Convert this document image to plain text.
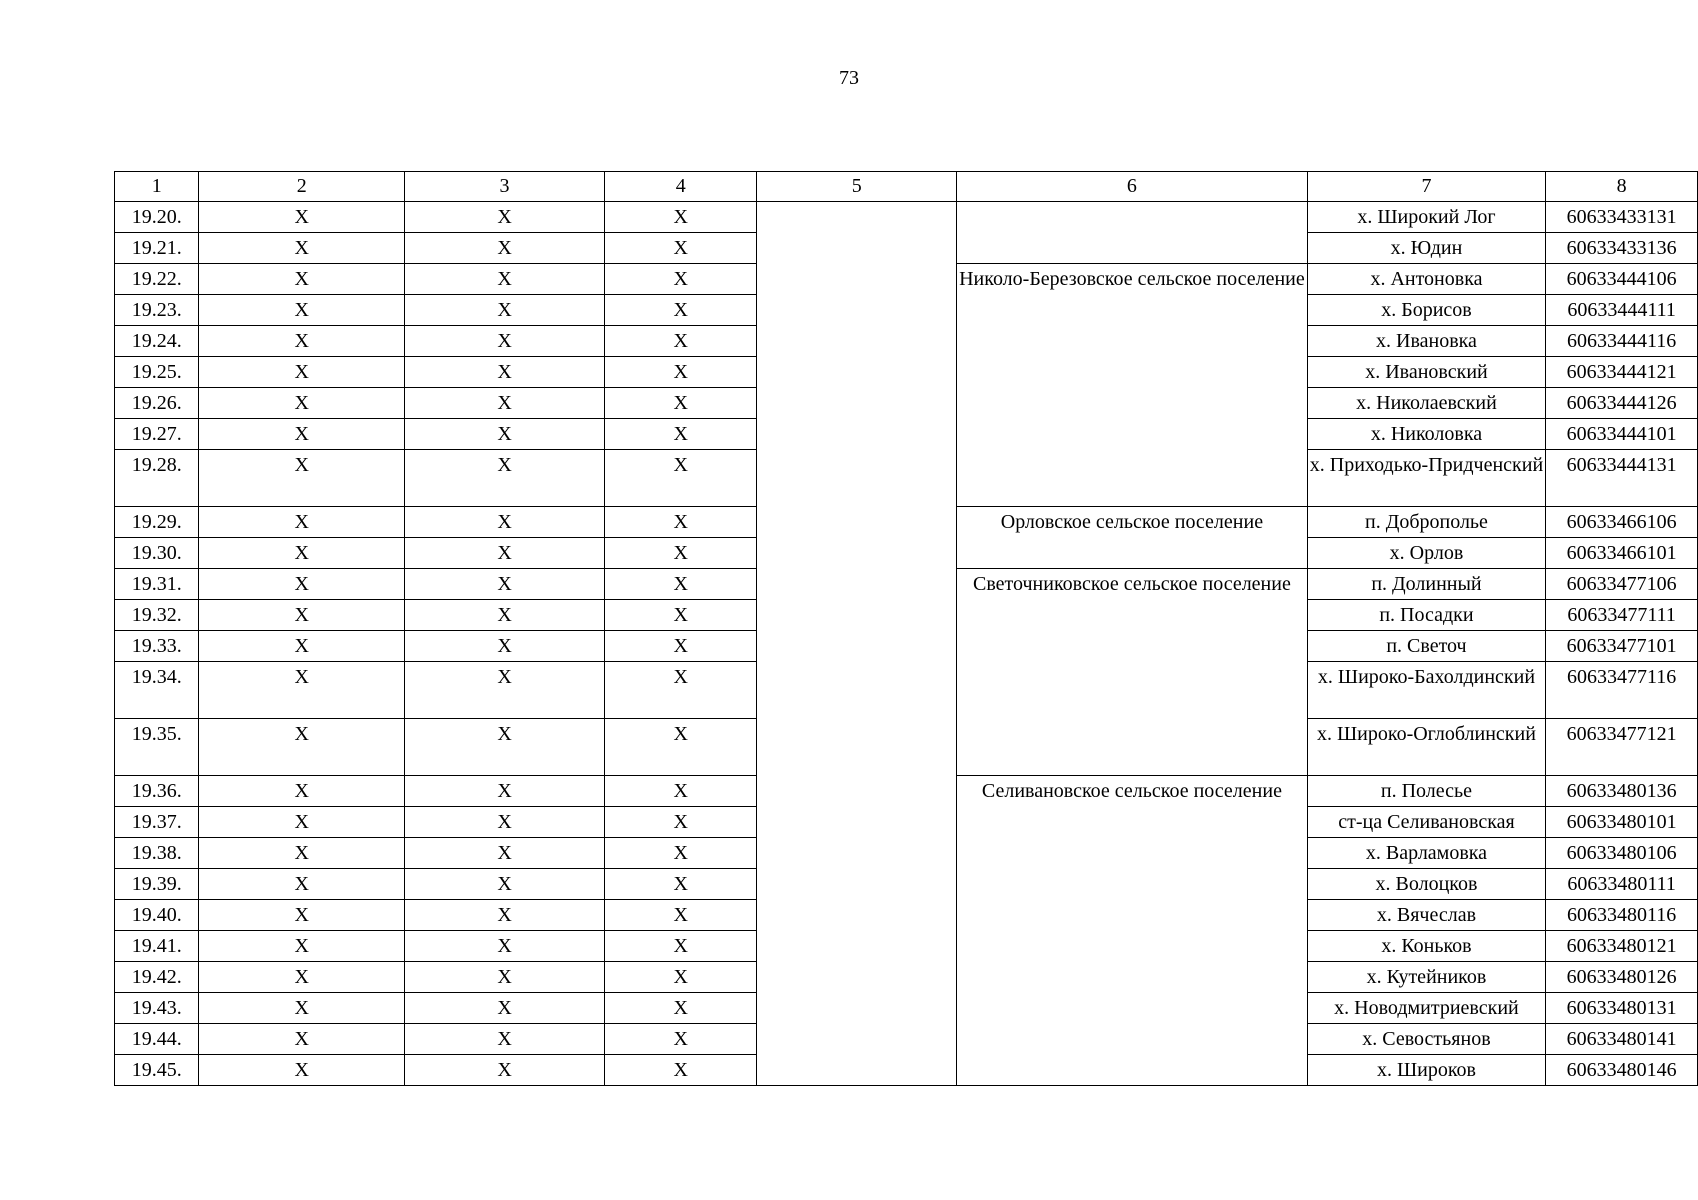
73
1	2	3	4	5	6	7	8
19.20.	X	X	X			х. Широкий Лог	60633433131
19.21.	X	X	X			х. Юдин	60633433136
19.22.	X	X	X		Николо-Березовское сельское поселение	х. Антоновка	60633444106
19.23.	X	X	X			х. Борисов	60633444111
19.24.	X	X	X			х. Ивановка	60633444116
19.25.	X	X	X			х. Ивановский	60633444121
19.26.	X	X	X			х. Николаевский	60633444126
19.27.	X	X	X			х. Николовка	60633444101
19.28.	X	X	X			х. Приходько-Придченский	60633444131
19.29.	X	X	X		Орловское сельское поселение	п. Доброполье	60633466106
19.30.	X	X	X			х. Орлов	60633466101
19.31.	X	X	X		Светочниковское сельское поселение	п. Долинный	60633477106
19.32.	X	X	X			п. Посадки	60633477111
19.33.	X	X	X			п. Светоч	60633477101
19.34.	X	X	X			х. Широко-Бахолдинский	60633477116
19.35.	X	X	X			х. Широко-Оглоблинский	60633477121
19.36.	X	X	X		Селивановское сельское поселение	п. Полесье	60633480136
19.37.	X	X	X			ст-ца Селивановская	60633480101
19.38.	X	X	X			х. Варламовка	60633480106
19.39.	X	X	X			х. Волоцков	60633480111
19.40.	X	X	X			х. Вячеслав	60633480116
19.41.	X	X	X			х. Коньков	60633480121
19.42.	X	X	X			х. Кутейников	60633480126
19.43.	X	X	X			х. Новодмитриевский	60633480131
19.44.	X	X	X			х. Севостьянов	60633480141
19.45.	X	X	X			х. Широков	60633480146
